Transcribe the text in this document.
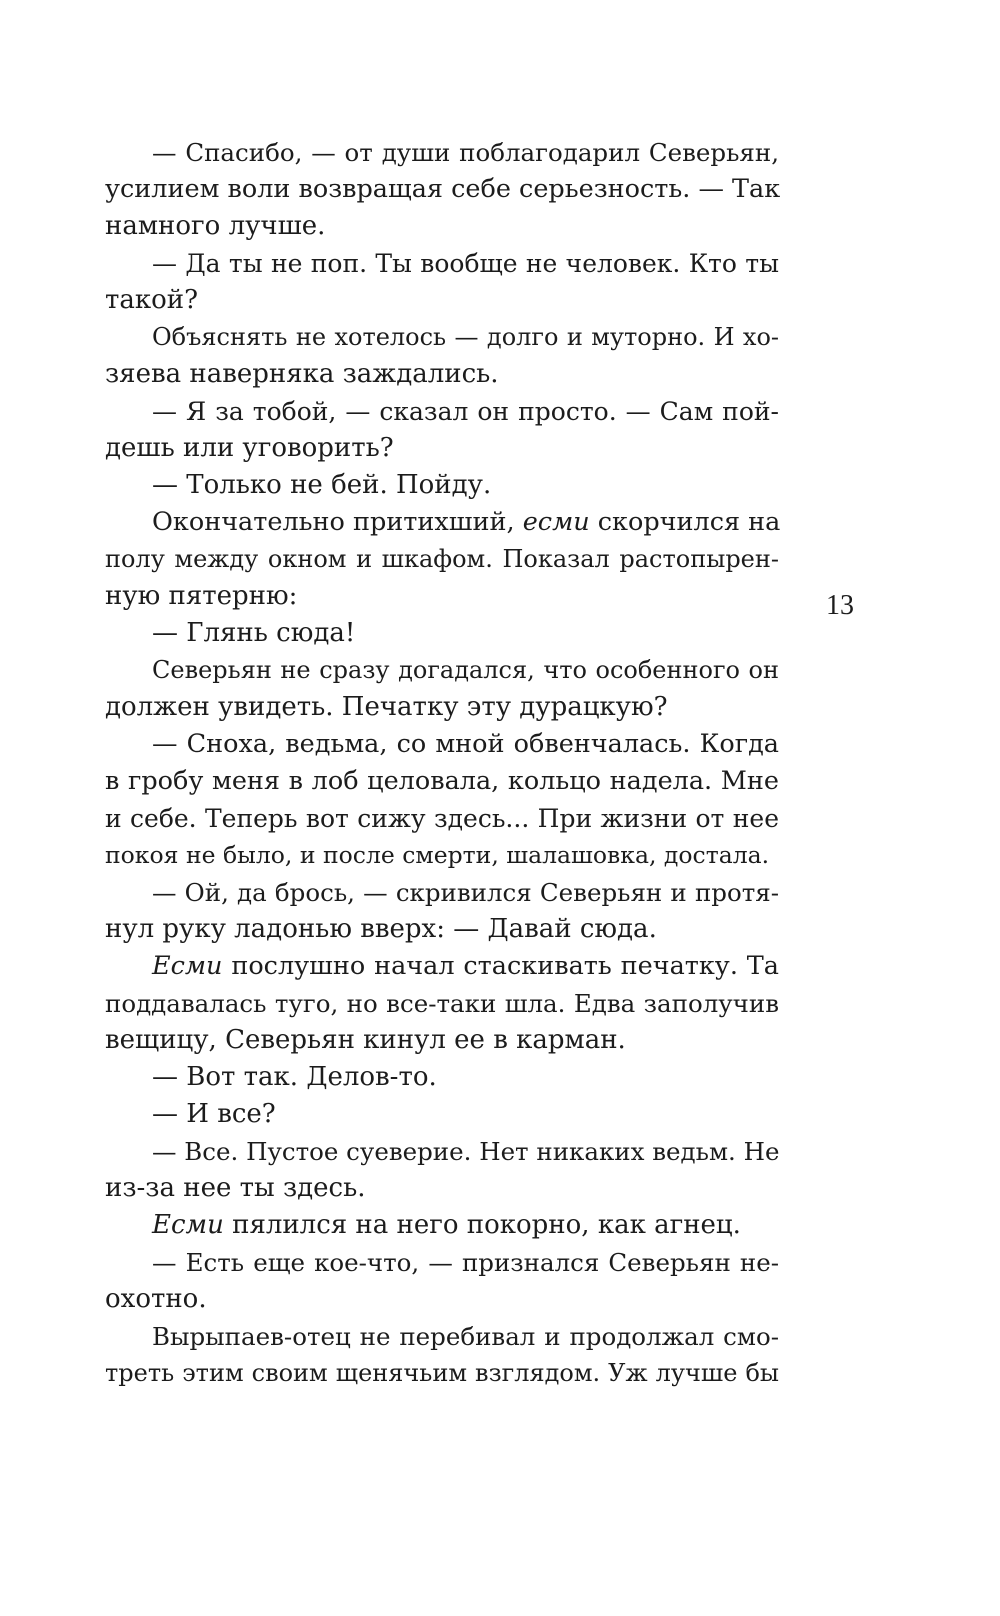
— Спасибо, — от души поблагодарил Северьян,
усилием воли возвращая себе серьезность. — Так
намного лучше.
— Да ты не поп. Ты вообще не человек. Кто ты
такой?
Объяснять не хотелось — долго и муторно. И хо-
зяева наверняка заждались.
— Я за тобой, — сказал он просто. — Сам пой-
дешь или уговорить?
— Только не бей. Пойду.
Окончательно притихший, есми скорчился на
полу между окном и шкафом. Показал растопырен-
ную пятерню:
— Глянь сюда!
Северьян не сразу догадался, что особенного он
должен увидеть. Печатку эту дурацкую?
— Сноха, ведьма, со мной обвенчалась. Когда
в гробу меня в лоб целовала, кольцо надела. Мне
и себе. Теперь вот сижу здесь... При жизни от нее
покоя не было, и после смерти, шалашовка, достала.
— Ой, да брось, — скривился Северьян и протя-
нул руку ладонью вверх: — Давай сюда.
Есми послушно начал стаскивать печатку. Та
поддавалась туго, но все-таки шла. Едва заполучив
вещицу, Северьян кинул ее в карман.
— Вот так. Делов-то.
— И все?
— Все. Пустое суеверие. Нет никаких ведьм. Не
из-за нее ты здесь.
Есми пялился на него покорно, как агнец.
— Есть еще кое-что, — признался Северьян не-
охотно.
Вырыпаев-отец не перебивал и продолжал смо-
треть этим своим щенячьим взглядом. Уж лучше бы
13
